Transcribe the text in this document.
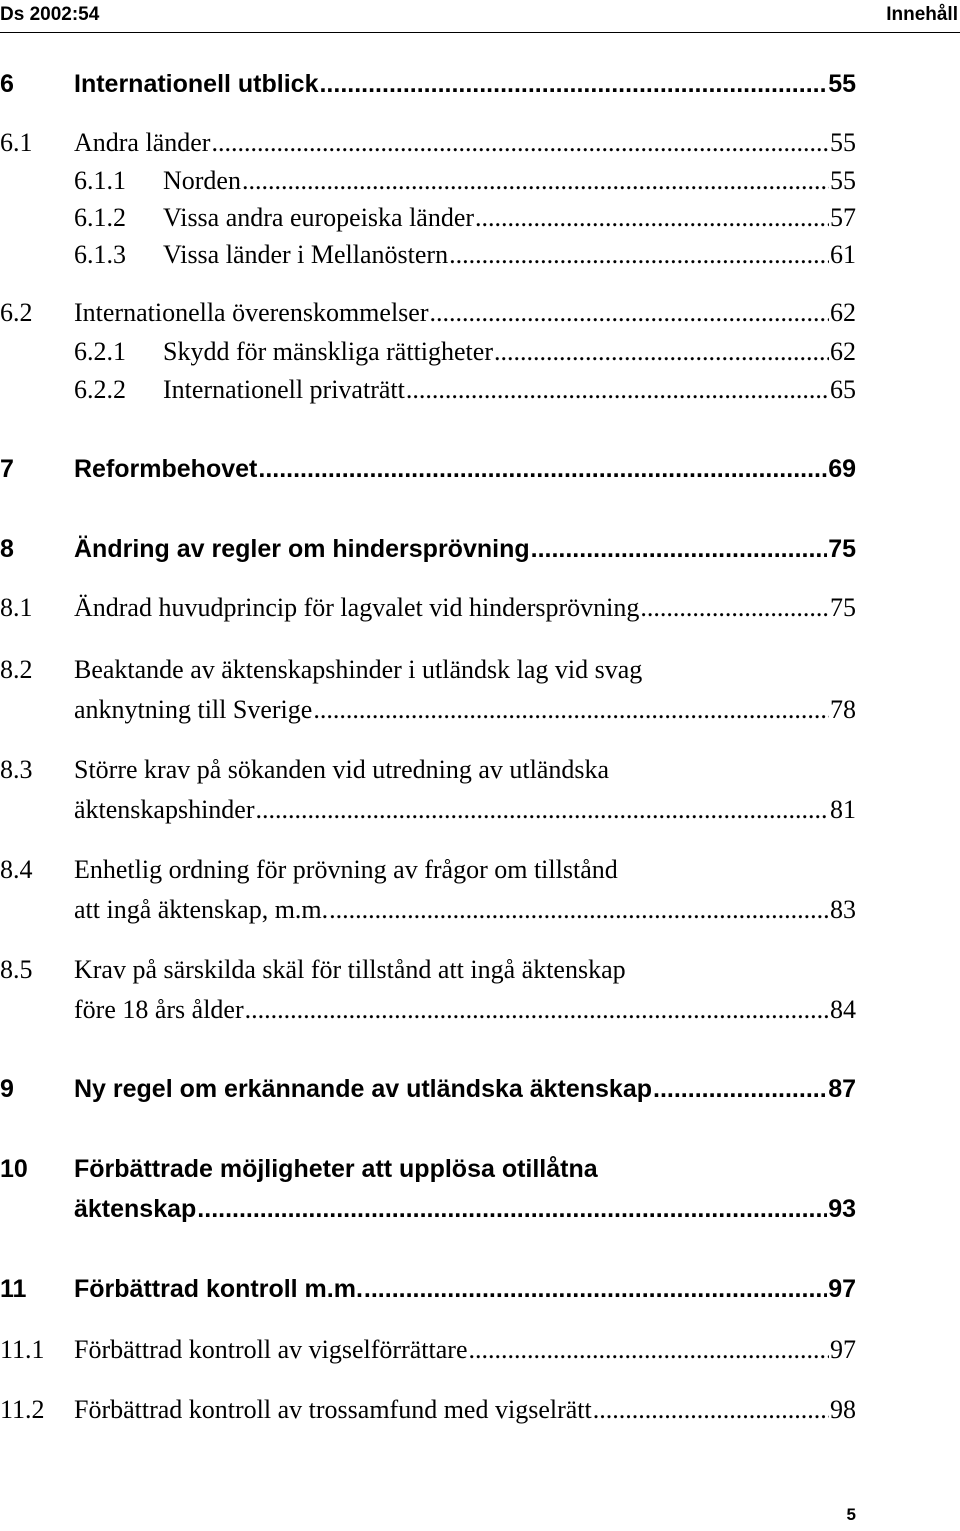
Ds 2002:54	Innehåll
6 Internationell utblick .....	55
6.1 Andra länder .....	55
6.1.1 Norden .....	55
6.1.2 Vissa andra europeiska länder .....	57
6.1.3 Vissa länder i Mellanöstern .....	61
6.2 Internationella överenskommelser .....	62
6.2.1 Skydd för mänskliga rättigheter .....	62
6.2.2 Internationell privaträtt .....	65
7 Reformbehovet .....	69
8 Ändring av regler om hindersprövning .....	75
8.1 Ändrad huvudprincip för lagvalet vid hindersprövning .....	75
8.2 Beaktande av äktenskapshinder i utländsk lag vid svag
anknytning till Sverige .....	78
8.3 Större krav på sökanden vid utredning av utländska
äktenskapshinder .....	81
8.4 Enhetlig ordning för prövning av frågor om tillstånd
att ingå äktenskap, m.m. .....	83
8.5 Krav på särskilda skäl för tillstånd att ingå äktenskap
före 18 års ålder .....	84
9 Ny regel om erkännande av utländska äktenskap .....	87
10 Förbättrade möjligheter att upplösa otillåtna
äktenskap .....	93
11 Förbättrad kontroll m.m. .....	97
11.1 Förbättrad kontroll av vigselförrättare .....	97
11.2 Förbättrad kontroll av trossamfund med vigselrätt .....	98
5
